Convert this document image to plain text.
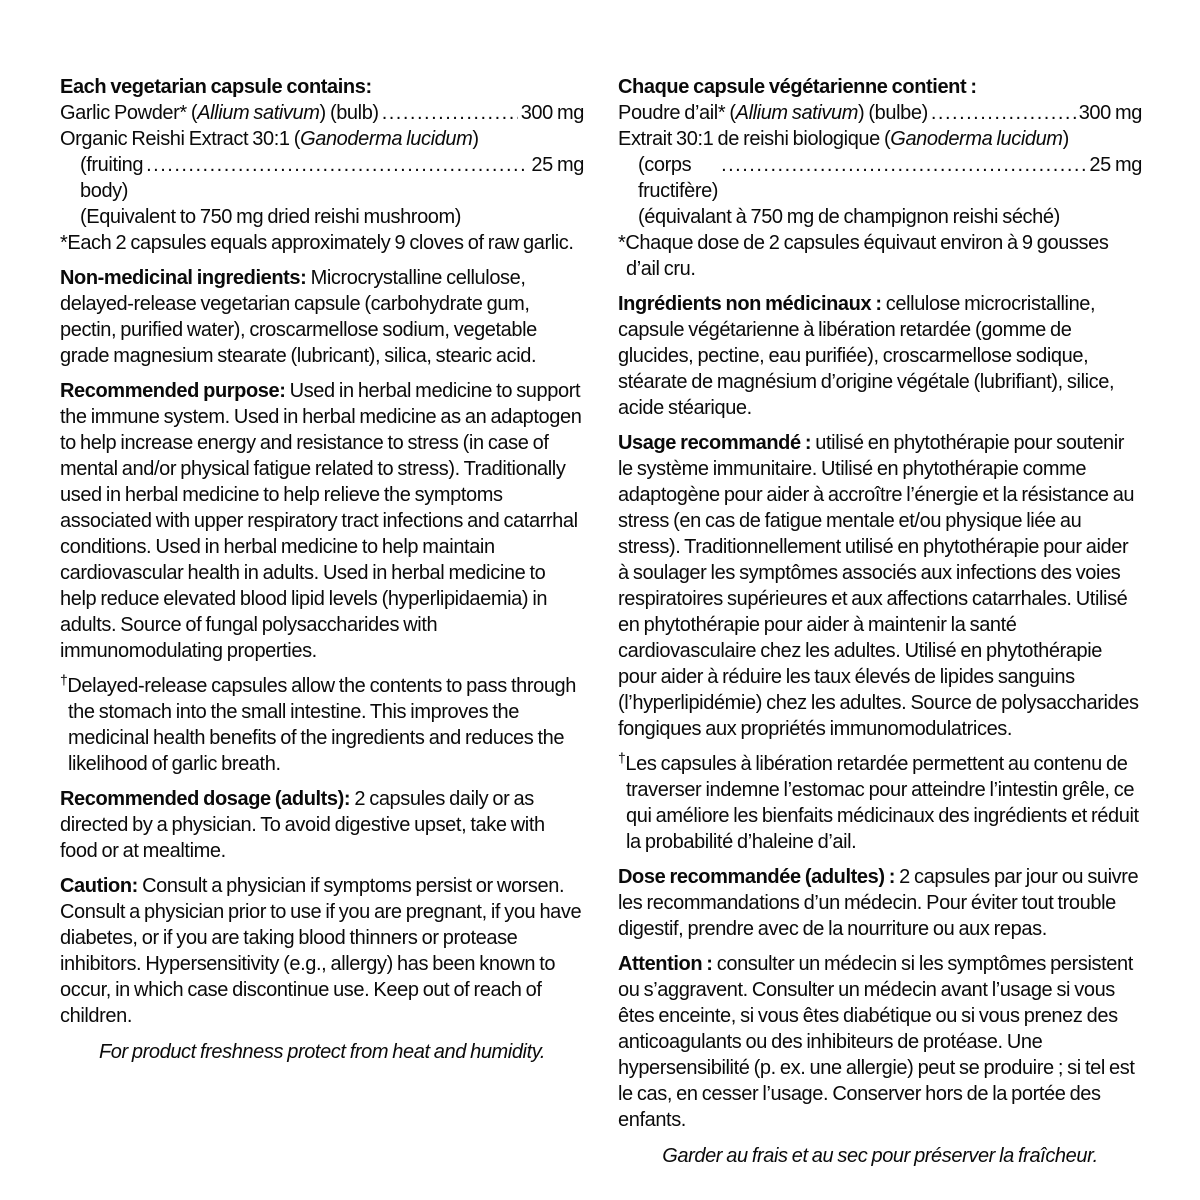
Each vegetarian capsule contains:
Garlic Powder* (Allium sativum) (bulb) .....	300 mg
Organic Reishi Extract 30:1 (Ganoderma lucidum)
(fruiting body)
.....
25 mg
(Equivalent to 750 mg dried reishi mushroom)
*Each 2 capsules equals approximately 9 cloves of raw garlic.

Non-medicinal ingredients: Microcrystalline cellulose, delayed-release vegetarian capsule (carbohydrate gum, pectin, purified water), croscarmellose sodium, vegetable grade magnesium stearate (lubricant), silica, stearic acid.

Recommended purpose: Used in herbal medicine to support the immune system. Used in herbal medicine as an adaptogen to help increase energy and resistance to stress (in case of mental and/or physical fatigue related to stress). Traditionally used in herbal medicine to help relieve the symptoms associated with upper respiratory tract infections and catarrhal conditions. Used in herbal medicine to help maintain cardiovascular health in adults. Used in herbal medicine to help reduce elevated blood lipid levels (hyperlipidaemia) in adults. Source of fungal polysaccharides with immunomodulating properties.

†Delayed-release capsules allow the contents to pass through the stomach into the small intestine. This improves the medicinal health benefits of the ingredients and reduces the likelihood of garlic breath.

Recommended dosage (adults): 2 capsules daily or as directed by a physician. To avoid digestive upset, take with food or at mealtime.

Caution: Consult a physician if symptoms persist or worsen. Consult a physician prior to use if you are pregnant, if you have diabetes, or if you are taking blood thinners or protease inhibitors. Hypersensitivity (e.g., allergy) has been known to occur, in which case discontinue use. Keep out of reach of children.

For product freshness protect from heat and humidity.

Chaque capsule végétarienne contient :
Poudre d’ail* (Allium sativum) (bulbe) .....	300 mg
Extrait 30:1 de reishi biologique (Ganoderma lucidum)
(corps fructifère)
.....
25 mg
(équivalant à 750 mg de champignon reishi séché)
*Chaque dose de 2 capsules équivaut environ à 9 gousses d’ail cru.

Ingrédients non médicinaux : cellulose microcristalline, capsule végétarienne à libération retardée (gomme de glucides, pectine, eau purifiée), croscarmellose sodique, stéarate de magnésium d’origine végétale (lubrifiant), silice, acide stéarique.

Usage recommandé : utilisé en phytothérapie pour soutenir le système immunitaire. Utilisé en phytothérapie comme adaptogène pour aider à accroître l’énergie et la résistance au stress (en cas de fatigue mentale et/ou physique liée au stress). Traditionnellement utilisé en phytothérapie pour aider à soulager les symptômes associés aux infections des voies respiratoires supérieures et aux affections catarrhales. Utilisé en phytothérapie pour aider à maintenir la santé cardiovasculaire chez les adultes. Utilisé en phytothérapie pour aider à réduire les taux élevés de lipides sanguins (l’hyperlipidémie) chez les adultes. Source de polysaccharides fongiques aux propriétés immunomodulatrices.

†Les capsules à libération retardée permettent au contenu de traverser indemne l’estomac pour atteindre l’intestin grêle, ce qui améliore les bienfaits médicinaux des ingrédients et réduit la probabilité d’haleine d’ail.

Dose recommandée (adultes) : 2 capsules par jour ou suivre les recommandations d’un médecin. Pour éviter tout trouble digestif, prendre avec de la nourriture ou aux repas.

Attention : consulter un médecin si les symptômes persistent ou s’aggravent. Consulter un médecin avant l’usage si vous êtes enceinte, si vous êtes diabétique ou si vous prenez des anticoagulants ou des inhibiteurs de protéase. Une hypersensibilité (p. ex. une allergie) peut se produire ; si tel est le cas, en cesser l’usage. Conserver hors de la portée des enfants.

Garder au frais et au sec pour préserver la fraîcheur.
